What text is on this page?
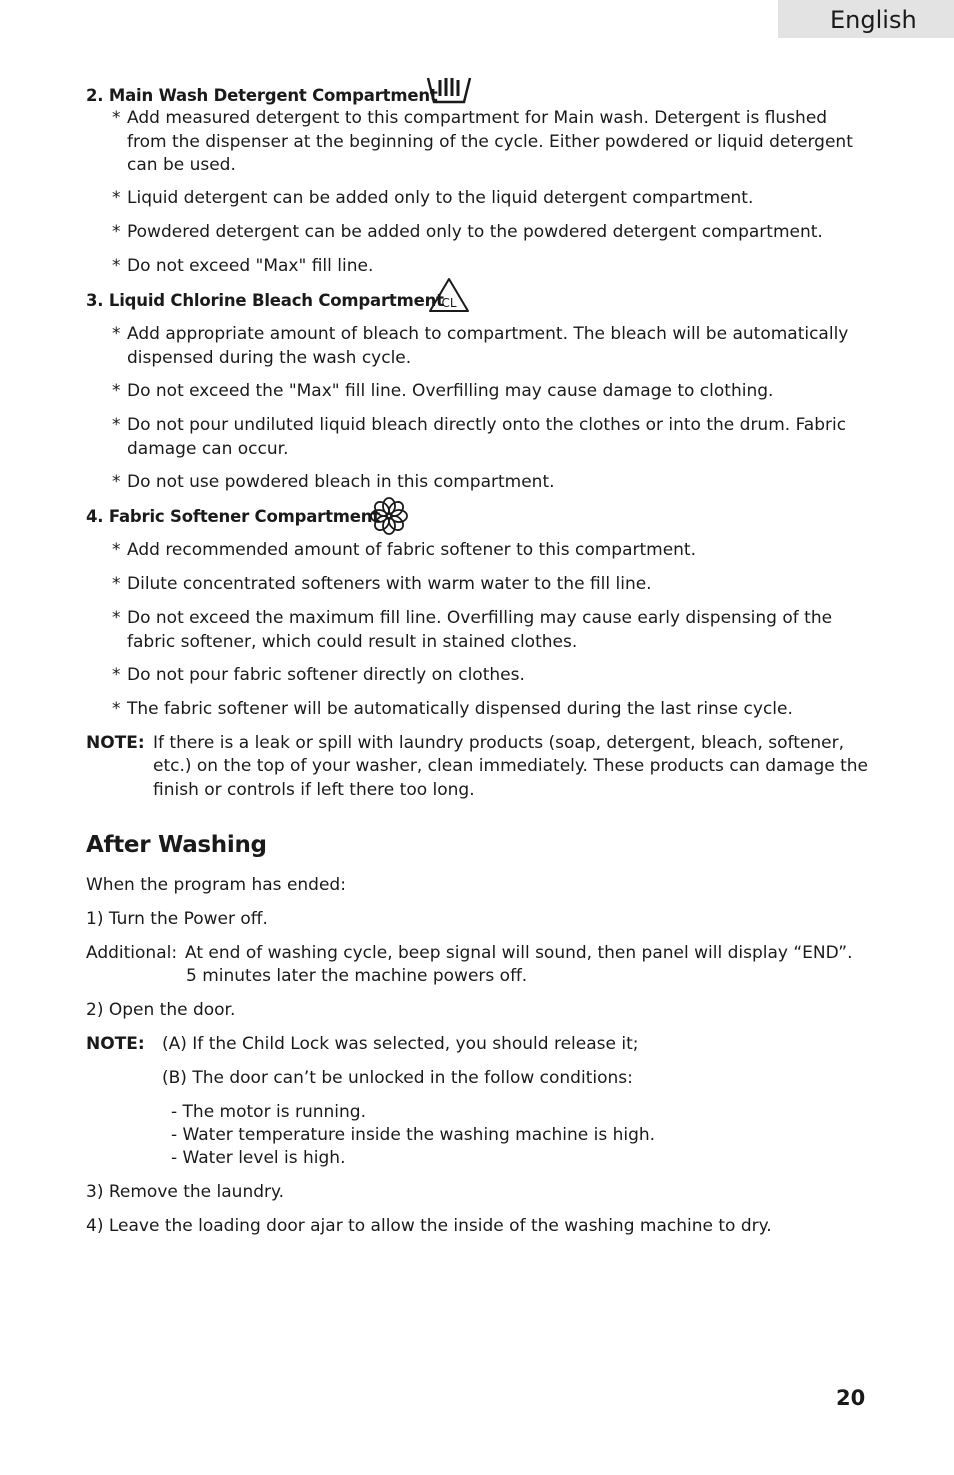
English
2. Main Wash Detergent Compartment
* Add measured detergent to this compartment for Main wash. Detergent is flushed from the dispenser at the beginning of the cycle. Either powdered or liquid detergent can be used.
* Liquid detergent can be added only to the liquid detergent compartment.
* Powdered detergent can be added only to the powdered detergent compartment.
* Do not exceed "Max" fill line.
3. Liquid Chlorine Bleach Compartment
CL
* Add appropriate amount of bleach to compartment. The bleach will be automatically dispensed during the wash cycle.
* Do not exceed the "Max" fill line. Overfilling may cause damage to clothing.
* Do not pour undiluted liquid bleach directly onto the clothes or into the drum. Fabric damage can occur.
* Do not use powdered bleach in this compartment.
4. Fabric Softener Compartment
* Add recommended amount of fabric softener to this compartment.
* Dilute concentrated softeners with warm water to the fill line.
* Do not exceed the maximum fill line. Overfilling may cause early dispensing of the fabric softener, which could result in stained clothes.
* Do not pour fabric softener directly on clothes.
* The fabric softener will be automatically dispensed during the last rinse cycle.
NOTE: If there is a leak or spill with laundry products (soap, detergent, bleach, softener,
etc.) on the top of your washer, clean immediately. These products can damage the
finish or controls if left there too long.
After Washing
When the program has ended:
1) Turn the Power off.
Additional: At end of washing cycle, beep signal will sound, then panel will display “END”.
5 minutes later the machine powers off.
2) Open the door.
NOTE: (A) If the Child Lock was selected, you should release it;
(B) The door can’t be unlocked in the follow conditions:
- The motor is running.
- Water temperature inside the washing machine is high.
- Water level is high.
3) Remove the laundry.
4) Leave the loading door ajar to allow the inside of the washing machine to dry.
20
